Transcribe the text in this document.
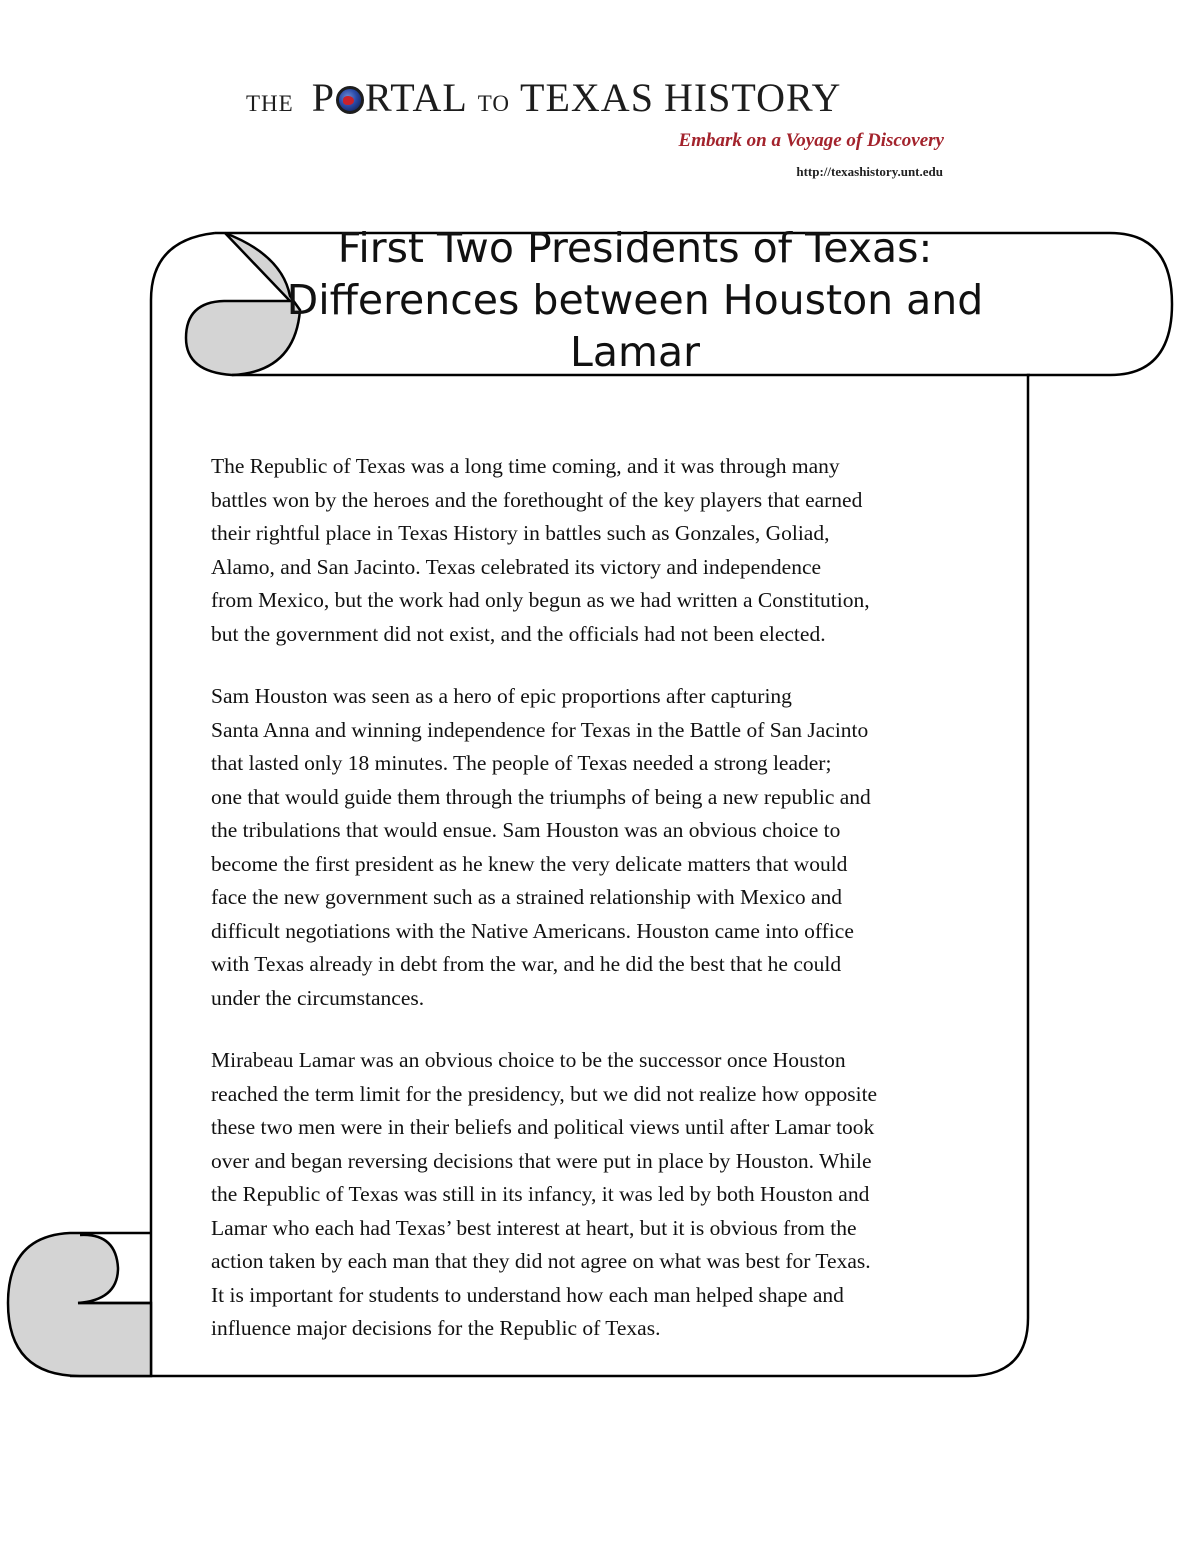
THE P RTAL TO TEXAS HISTORY
Embark on a Voyage of Discovery
http://texashistory.unt.edu
First Two Presidents of Texas:
Differences between Houston and
Lamar

The Republic of Texas was a long time coming, and it was through many
battles won by the heroes and the forethought of the key players that earned
their rightful place in Texas History in battles such as Gonzales, Goliad,
Alamo, and San Jacinto. Texas celebrated its victory and independence
from Mexico, but the work had only begun as we had written a Constitution,
but the government did not exist, and the officials had not been elected.

Sam Houston was seen as a hero of epic proportions after capturing
Santa Anna and winning independence for Texas in the Battle of San Jacinto
that lasted only 18 minutes. The people of Texas needed a strong leader;
one that would guide them through the triumphs of being a new republic and
the tribulations that would ensue. Sam Houston was an obvious choice to
become the first president as he knew the very delicate matters that would
face the new government such as a strained relationship with Mexico and
difficult negotiations with the Native Americans. Houston came into office
with Texas already in debt from the war, and he did the best that he could
under the circumstances.

Mirabeau Lamar was an obvious choice to be the successor once Houston
reached the term limit for the presidency, but we did not realize how opposite
these two men were in their beliefs and political views until after Lamar took
over and began reversing decisions that were put in place by Houston. While
the Republic of Texas was still in its infancy, it was led by both Houston and
Lamar who each had Texas’ best interest at heart, but it is obvious from the
action taken by each man that they did not agree on what was best for Texas.
It is important for students to understand how each man helped shape and
influence major decisions for the Republic of Texas.
